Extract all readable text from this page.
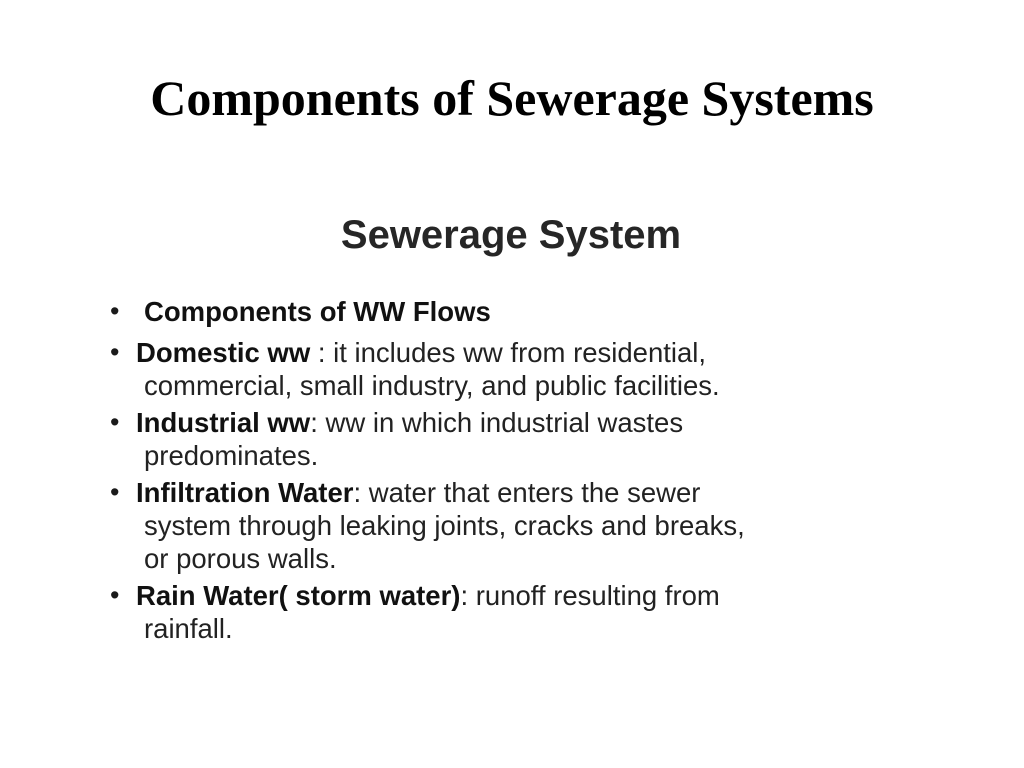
Components of Sewerage Systems
Sewerage System
• Components of WW Flows
• Domestic ww : it includes ww from residential,
commercial, small industry, and public facilities.
• Industrial ww: ww in which industrial wastes
predominates.
• Infiltration Water: water that enters the sewer
system through leaking joints, cracks and breaks,
or porous walls.
• Rain Water( storm water): runoff resulting from
rainfall.
